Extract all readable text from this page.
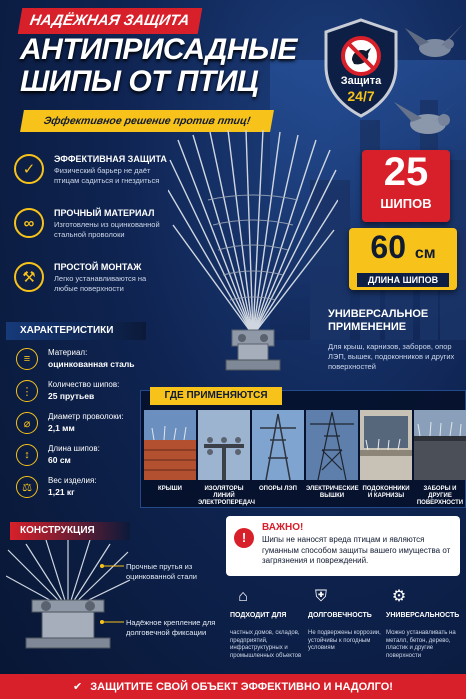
НАДЁЖНАЯ ЗАЩИТА
АНТИПРИСАДНЫЕ
ШИПЫ ОТ ПТИЦ
Эффективное решение против птиц!
Защита
24/7
✓
ЭФФЕКТИВНАЯ ЗАЩИТА
Физический барьер не даёт птицам садиться и гнездиться
∞
ПРОЧНЫЙ МАТЕРИАЛ
Изготовлены из оцинкованной стальной проволоки
⚒
ПРОСТОЙ МОНТАЖ
Легко устанавливаются на любые поверхности
25
ШИПОВ
60 см
ДЛИНА ШИПОВ
УНИВЕРСАЛЬНОЕ ПРИМЕНЕНИЕ
Для крыш, карнизов, заборов, опор ЛЭП, вышек, подоконников и других поверхностей
ХАРАКТЕРИСТИКИ
≡
Материал:
оцинкованная сталь
⋮
Количество шипов:
25 прутьев
⌀
Диаметр проволоки:
2,1 мм
↕
Длина шипов:
60 см
⚖
Вес изделия:
1,21 кг
ГДЕ ПРИМЕНЯЮТСЯ
КРЫШИ	ИЗОЛЯТОРЫ ЛИНИЙ ЭЛЕКТРОПЕРЕДАЧ
ОПОРЫ ЛЭП	ЭЛЕКТРИЧЕСКИЕ ВЫШКИ
ПОДОКОННИКИ И КАРНИЗЫ
ЗАБОРЫ И ДРУГИЕ ПОВЕРХНОСТИ
КОНСТРУКЦИЯ
Прочные прутья из оцинкованной стали
Надёжное крепление для долговечной фиксации
!
ВАЖНО!
Шипы не наносят вреда птицам и являются гуманным способом защиты вашего имущества от загрязнения и повреждений.
⌂
ПОДХОДИТ ДЛЯ
частных домов, складов, предприятий, инфраструктурных и промышленных объектов
⛨
ДОЛГОВЕЧНОСТЬ
Не подвержены коррозии, устойчивы к погодным условиям
⚙
УНИВЕРСАЛЬНОСТЬ
Можно устанавливать на металл, бетон, дерево, пластик и другие поверхности
✔ ЗАЩИТИТЕ СВОЙ ОБЪЕКТ ЭФФЕКТИВНО И НАДОЛГО!
